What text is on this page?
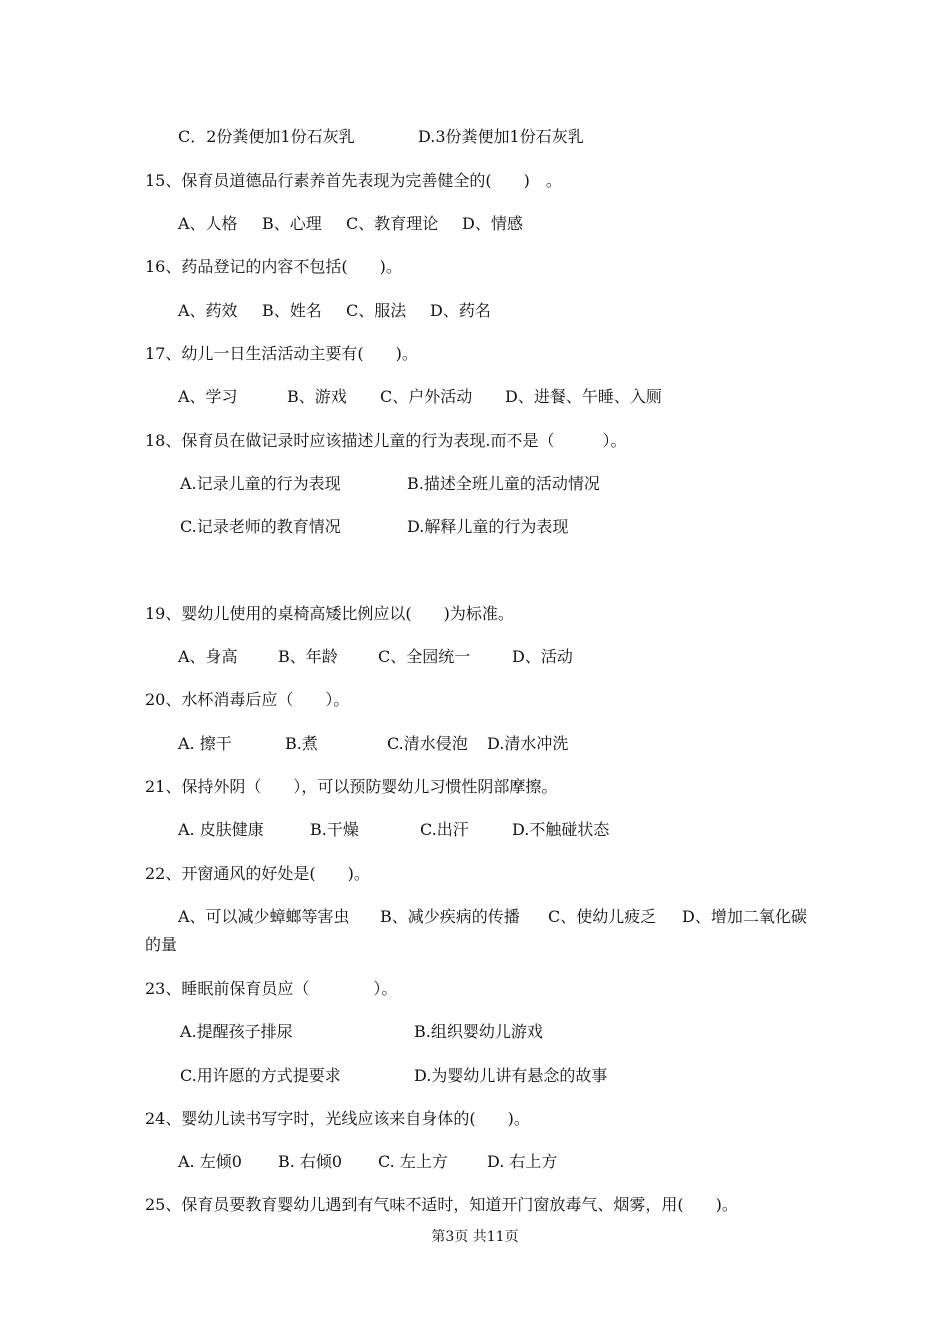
C．2份粪便加1份石灰乳	D.3份粪便加1份石灰乳
15、保育员道德品行素养首先表现为完善健全的(　　)　。
A、人格 B、心理 C、教育理论 D、情感
16、药品登记的内容不包括(　　)。
A、药效 B、姓名 C、服法 D、药名
17、幼儿一日生活活动主要有(　　)。
A、学习	B、游戏 C、户外活动 D、进餐、午睡、入厕
18、保育员在做记录时应该描述儿童的行为表现.而不是（　　　）。
A.记录儿童的行为表现	B.描述全班儿童的活动情况
C.记录老师的教育情况	D.解释儿童的行为表现
19、婴幼儿使用的桌椅高矮比例应以(　　)为标准。
A、身高	B、年龄	C、全园统一	D、活动
20、水杯消毒后应（　　）。
A. 擦干	B.煮	C.清水侵泡 D.清水冲洗
21、保持外阴（　　），可以预防婴幼儿习惯性阴部摩擦。
A. 皮肤健康	B.干燥	C.出汗	D.不触碰状态
22、开窗通风的好处是(　　)。
A、可以减少蟑螂等害虫 B、减少疾病的传播 C、使幼儿疲乏 D、增加二氧化碳
的量
23、睡眠前保育员应（　　　　）。
A.提醒孩子排尿	B.组织婴幼儿游戏
C.用许愿的方式提要求	D.为婴幼儿讲有悬念的故事
24、婴幼儿读书写字时，光线应该来自身体的(　　)。
A. 左倾0 B. 右倾0 C. 左上方 D. 右上方
25、保育员要教育婴幼儿遇到有气味不适时，知道开门窗放毒气、烟雾，用(　　)。
第3页 共11页
